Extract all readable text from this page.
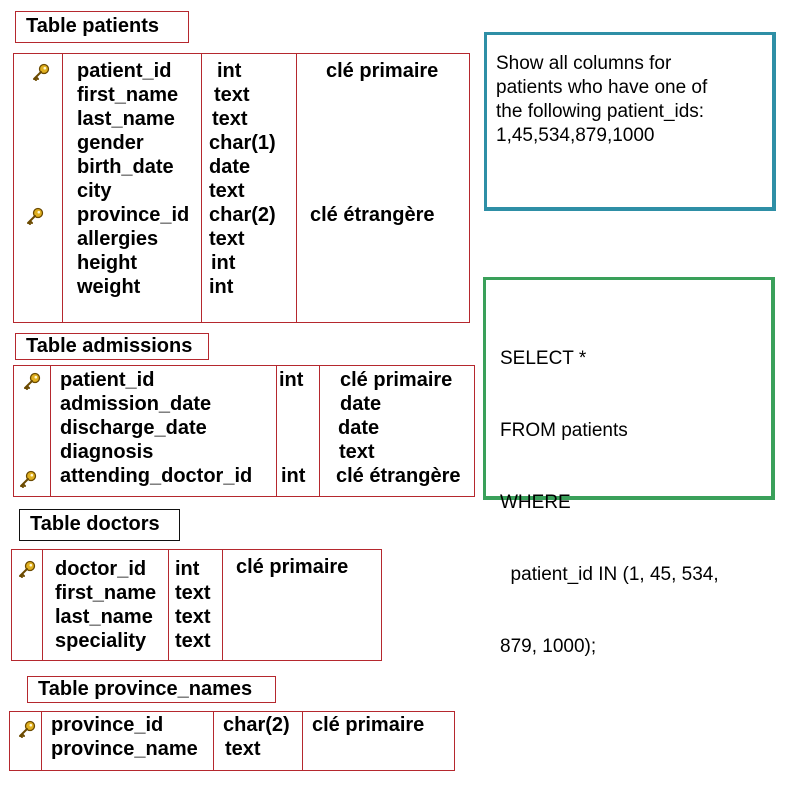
Table patients
patient_id
first_name
last_name
gender
birth_date
city
province_id
allergies
height
weight
int
text
text
char(1)
date
text
char(2)
text
int
int
clé primaire
clé étrangère
Table admissions
patient_id
admission_date
discharge_date
diagnosis
attending_doctor_id
int
int
clé primaire
date
date
text
clé étrangère
Table doctors
doctor_id
first_name
last_name
speciality
int
text
text
text
clé primaire
Table province_names
province_id
province_name
char(2)
text
clé primaire
Show all columns for
patients who have one of
the following patient_ids:
1,45,534,879,1000

SELECT *

FROM patients

WHERE

patient_id IN (1, 45, 534,

879, 1000);
